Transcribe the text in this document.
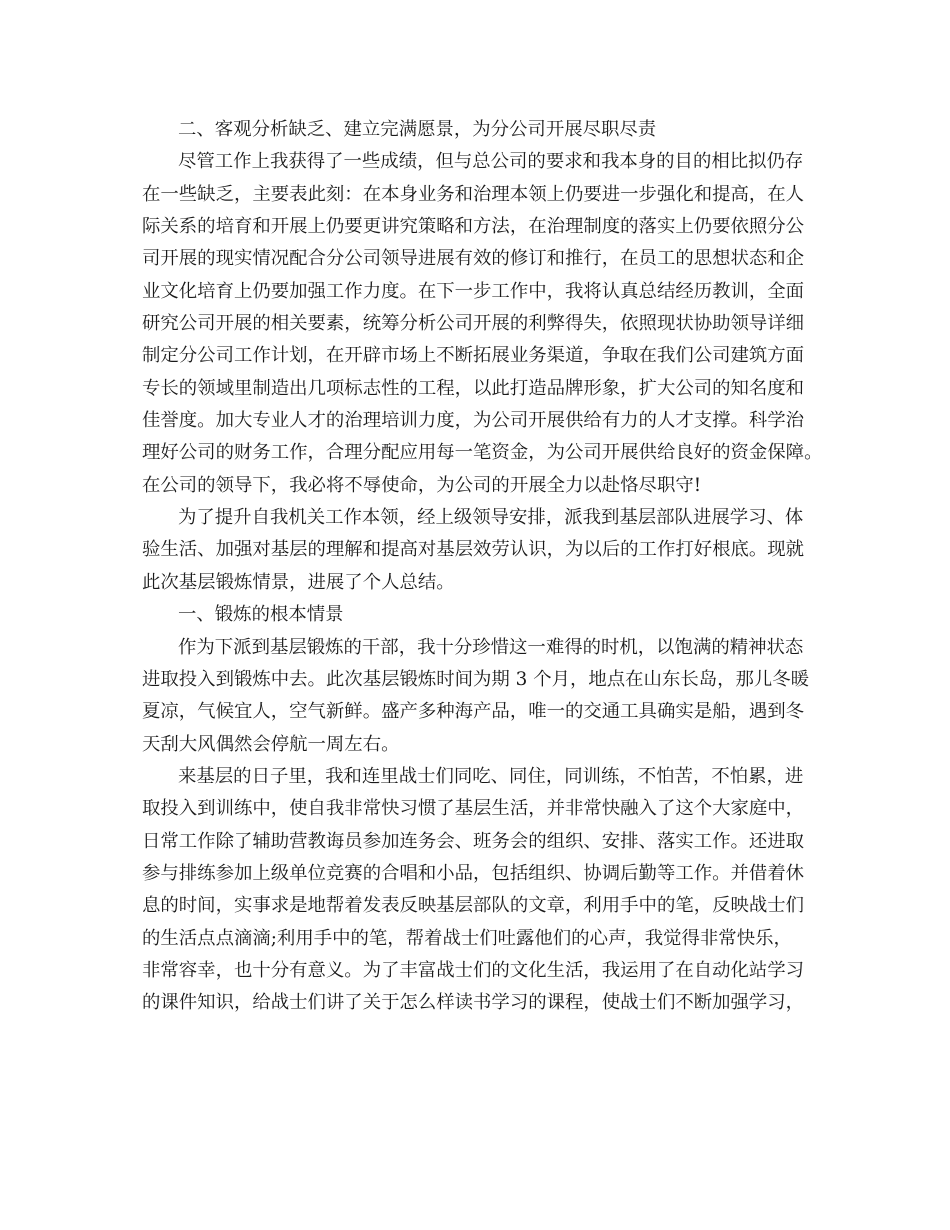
二、客观分析缺乏、建立完满愿景，为分公司开展尽职尽责
尽管工作上我获得了一些成绩，但与总公司的要求和我本身的目的相比拟仍存
在一些缺乏，主要表此刻：在本身业务和治理本领上仍要进一步强化和提高，在人
际关系的培育和开展上仍要更讲究策略和方法，在治理制度的落实上仍要依照分公
司开展的现实情况配合分公司领导进展有效的修订和推行，在员工的思想状态和企
业文化培育上仍要加强工作力度。在下一步工作中，我将认真总结经历教训，全面
研究公司开展的相关要素，统筹分析公司开展的利弊得失，依照现状协助领导详细
制定分公司工作计划，在开辟市场上不断拓展业务渠道，争取在我们公司建筑方面
专长的领域里制造出几项标志性的工程，以此打造品牌形象，扩大公司的知名度和
佳誉度。加大专业人才的治理培训力度，为公司开展供给有力的人才支撑。科学治
理好公司的财务工作，合理分配应用每一笔资金，为公司开展供给良好的资金保障。
在公司的领导下，我必将不辱使命，为公司的开展全力以赴恪尽职守!
为了提升自我机关工作本领，经上级领导安排，派我到基层部队进展学习、体
验生活、加强对基层的理解和提高对基层效劳认识，为以后的工作打好根底。现就
此次基层锻炼情景，进展了个人总结。
一、锻炼的根本情景
作为下派到基层锻炼的干部，我十分珍惜这一难得的时机，以饱满的精神状态
进取投入到锻炼中去。此次基层锻炼时间为期 3 个月，地点在山东长岛，那儿冬暖
夏凉，气候宜人，空气新鲜。盛产多种海产品，唯一的交通工具确实是船，遇到冬
天刮大风偶然会停航一周左右。
来基层的日子里，我和连里战士们同吃、同住，同训练，不怕苦，不怕累，进
取投入到训练中，使自我非常快习惯了基层生活，并非常快融入了这个大家庭中，
日常工作除了辅助营教诲员参加连务会、班务会的组织、安排、落实工作。还进取
参与排练参加上级单位竞赛的合唱和小品，包括组织、协调后勤等工作。并借着休
息的时间，实事求是地帮着发表反映基层部队的文章，利用手中的笔，反映战士们
的生活点点滴滴;利用手中的笔，帮着战士们吐露他们的心声，我觉得非常快乐，
非常容幸，也十分有意义。为了丰富战士们的文化生活，我运用了在自动化站学习
的课件知识，给战士们讲了关于怎么样读书学习的课程，使战士们不断加强学习，
